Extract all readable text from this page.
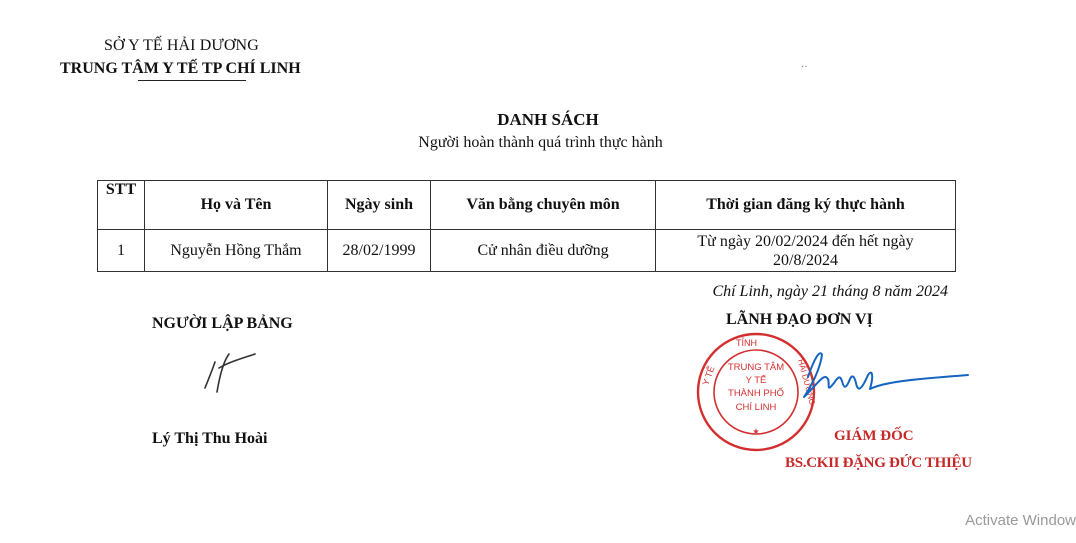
SỞ Y TẾ HẢI DƯƠNG
TRUNG TÂM Y TẾ TP CHÍ LINH	··
DANH SÁCH
Người hoàn thành quá trình thực hành
STT	Họ và Tên	Ngày sinh	Văn bằng chuyên môn	Thời gian đăng ký thực hành
1	Nguyễn Hồng Thắm	28/02/1999	Cử nhân điều dưỡng	Từ ngày 20/02/2024 đến hết ngày
20/8/2024
Chí Linh, ngày 21 tháng 8 năm 2024
NGƯỜI LẬP BẢNG
Lý Thị Thu Hoài
LÃNH ĐẠO ĐƠN VỊ
TỈNH
Y TẾ	HẢI DƯƠNG
TRUNG TÂM
Y TẾ
THÀNH PHỐ
CHÍ LINH
★	GIÁM ĐỐC
BS.CKII ĐẶNG ĐỨC THIỆU
Activate Window
